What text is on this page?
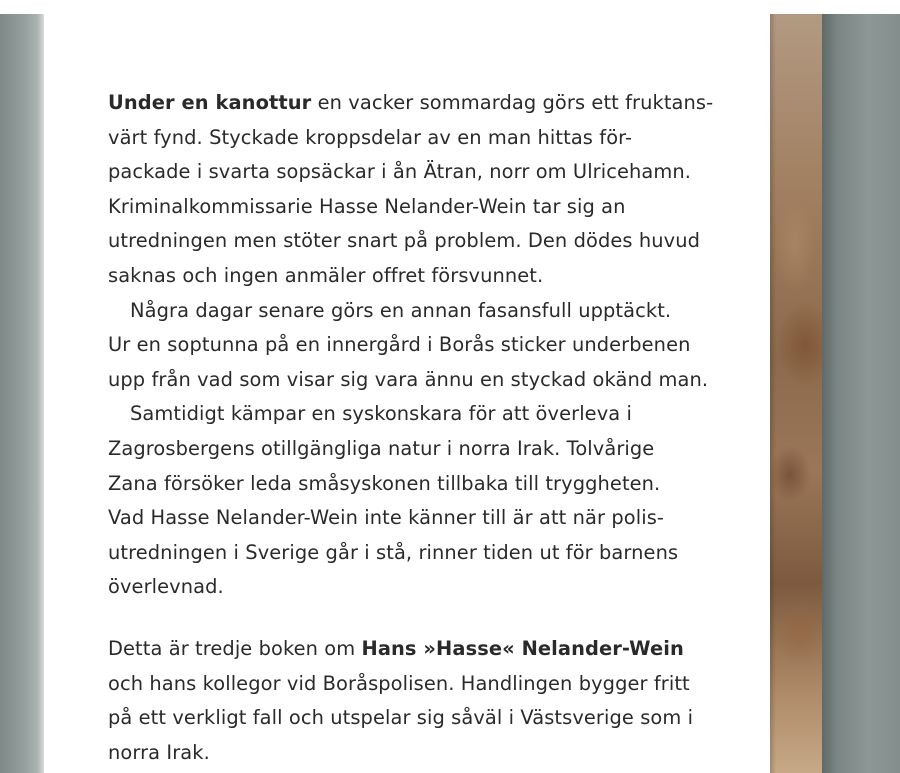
Under en kanottur en vacker sommardag görs ett fruktans-
värt fynd. Styckade kroppsdelar av en man hittas för-
packade i svarta sopsäckar i ån Ätran, norr om Ulricehamn.
Kriminalkommissarie Hasse Nelander-Wein tar sig an
utredningen men stöter snart på problem. Den dödes huvud
saknas och ingen anmäler offret försvunnet.
Några dagar senare görs en annan fasansfull upptäckt.
Ur en soptunna på en innergård i Borås sticker underbenen
upp från vad som visar sig vara ännu en styckad okänd man.
Samtidigt kämpar en syskonskara för att överleva i
Zagrosbergens otillgängliga natur i norra Irak. Tolvårige
Zana försöker leda småsyskonen tillbaka till tryggheten.
Vad Hasse Nelander-Wein inte känner till är att när polis-
utredningen i Sverige går i stå, rinner tiden ut för barnens
överlevnad.
Detta är tredje boken om Hans »Hasse« Nelander-Wein
och hans kollegor vid Boråspolisen. Handlingen bygger fritt
på ett verkligt fall och utspelar sig såväl i Västsverige som i
norra Irak.
